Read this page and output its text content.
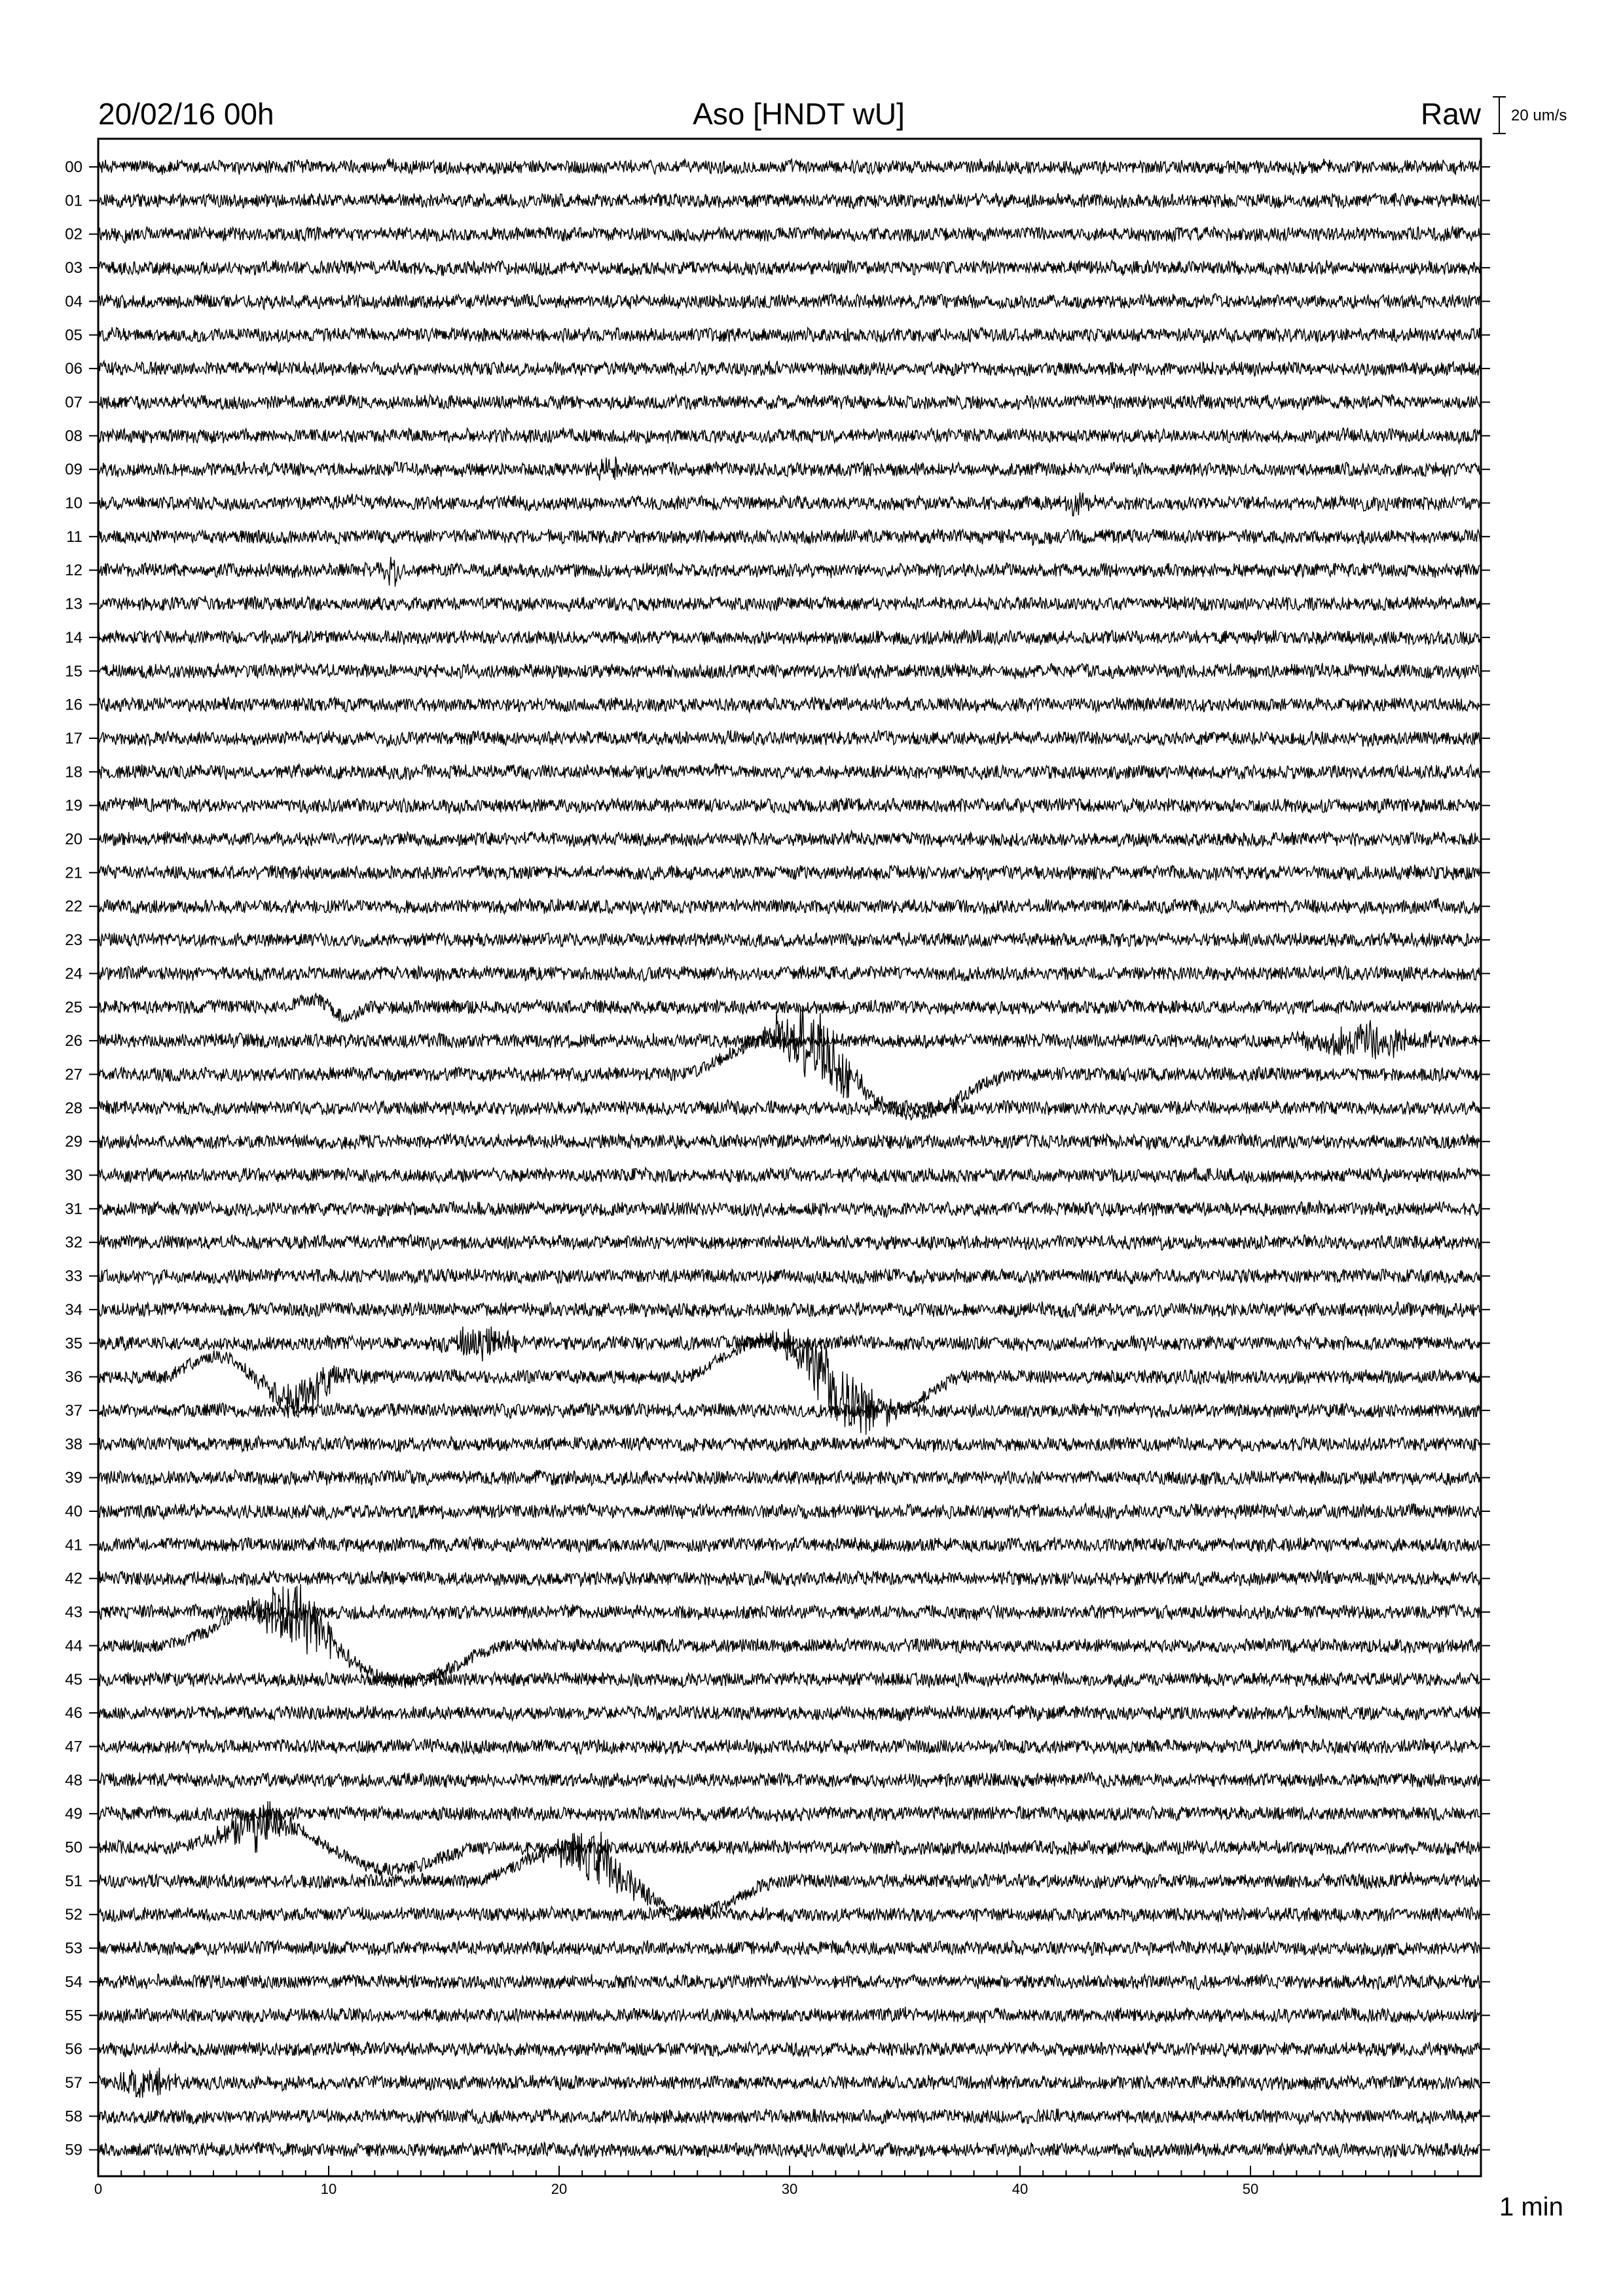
20/02/16 00h	Aso [HNDT wU]	Raw 20 um/s
00
01
02
03
04
05
06
07
08
09
10
11
12
13
14
15
16
17
18
19
20
21
22
23
24
25
26
27
28
29
30
31
32
33
34
35
36
37
38
39
40
41
42
43
44
45
46
47
48
49
50
51
52
53
54
55
56
57
58
59
0	10	20	30	40	50
1 min
